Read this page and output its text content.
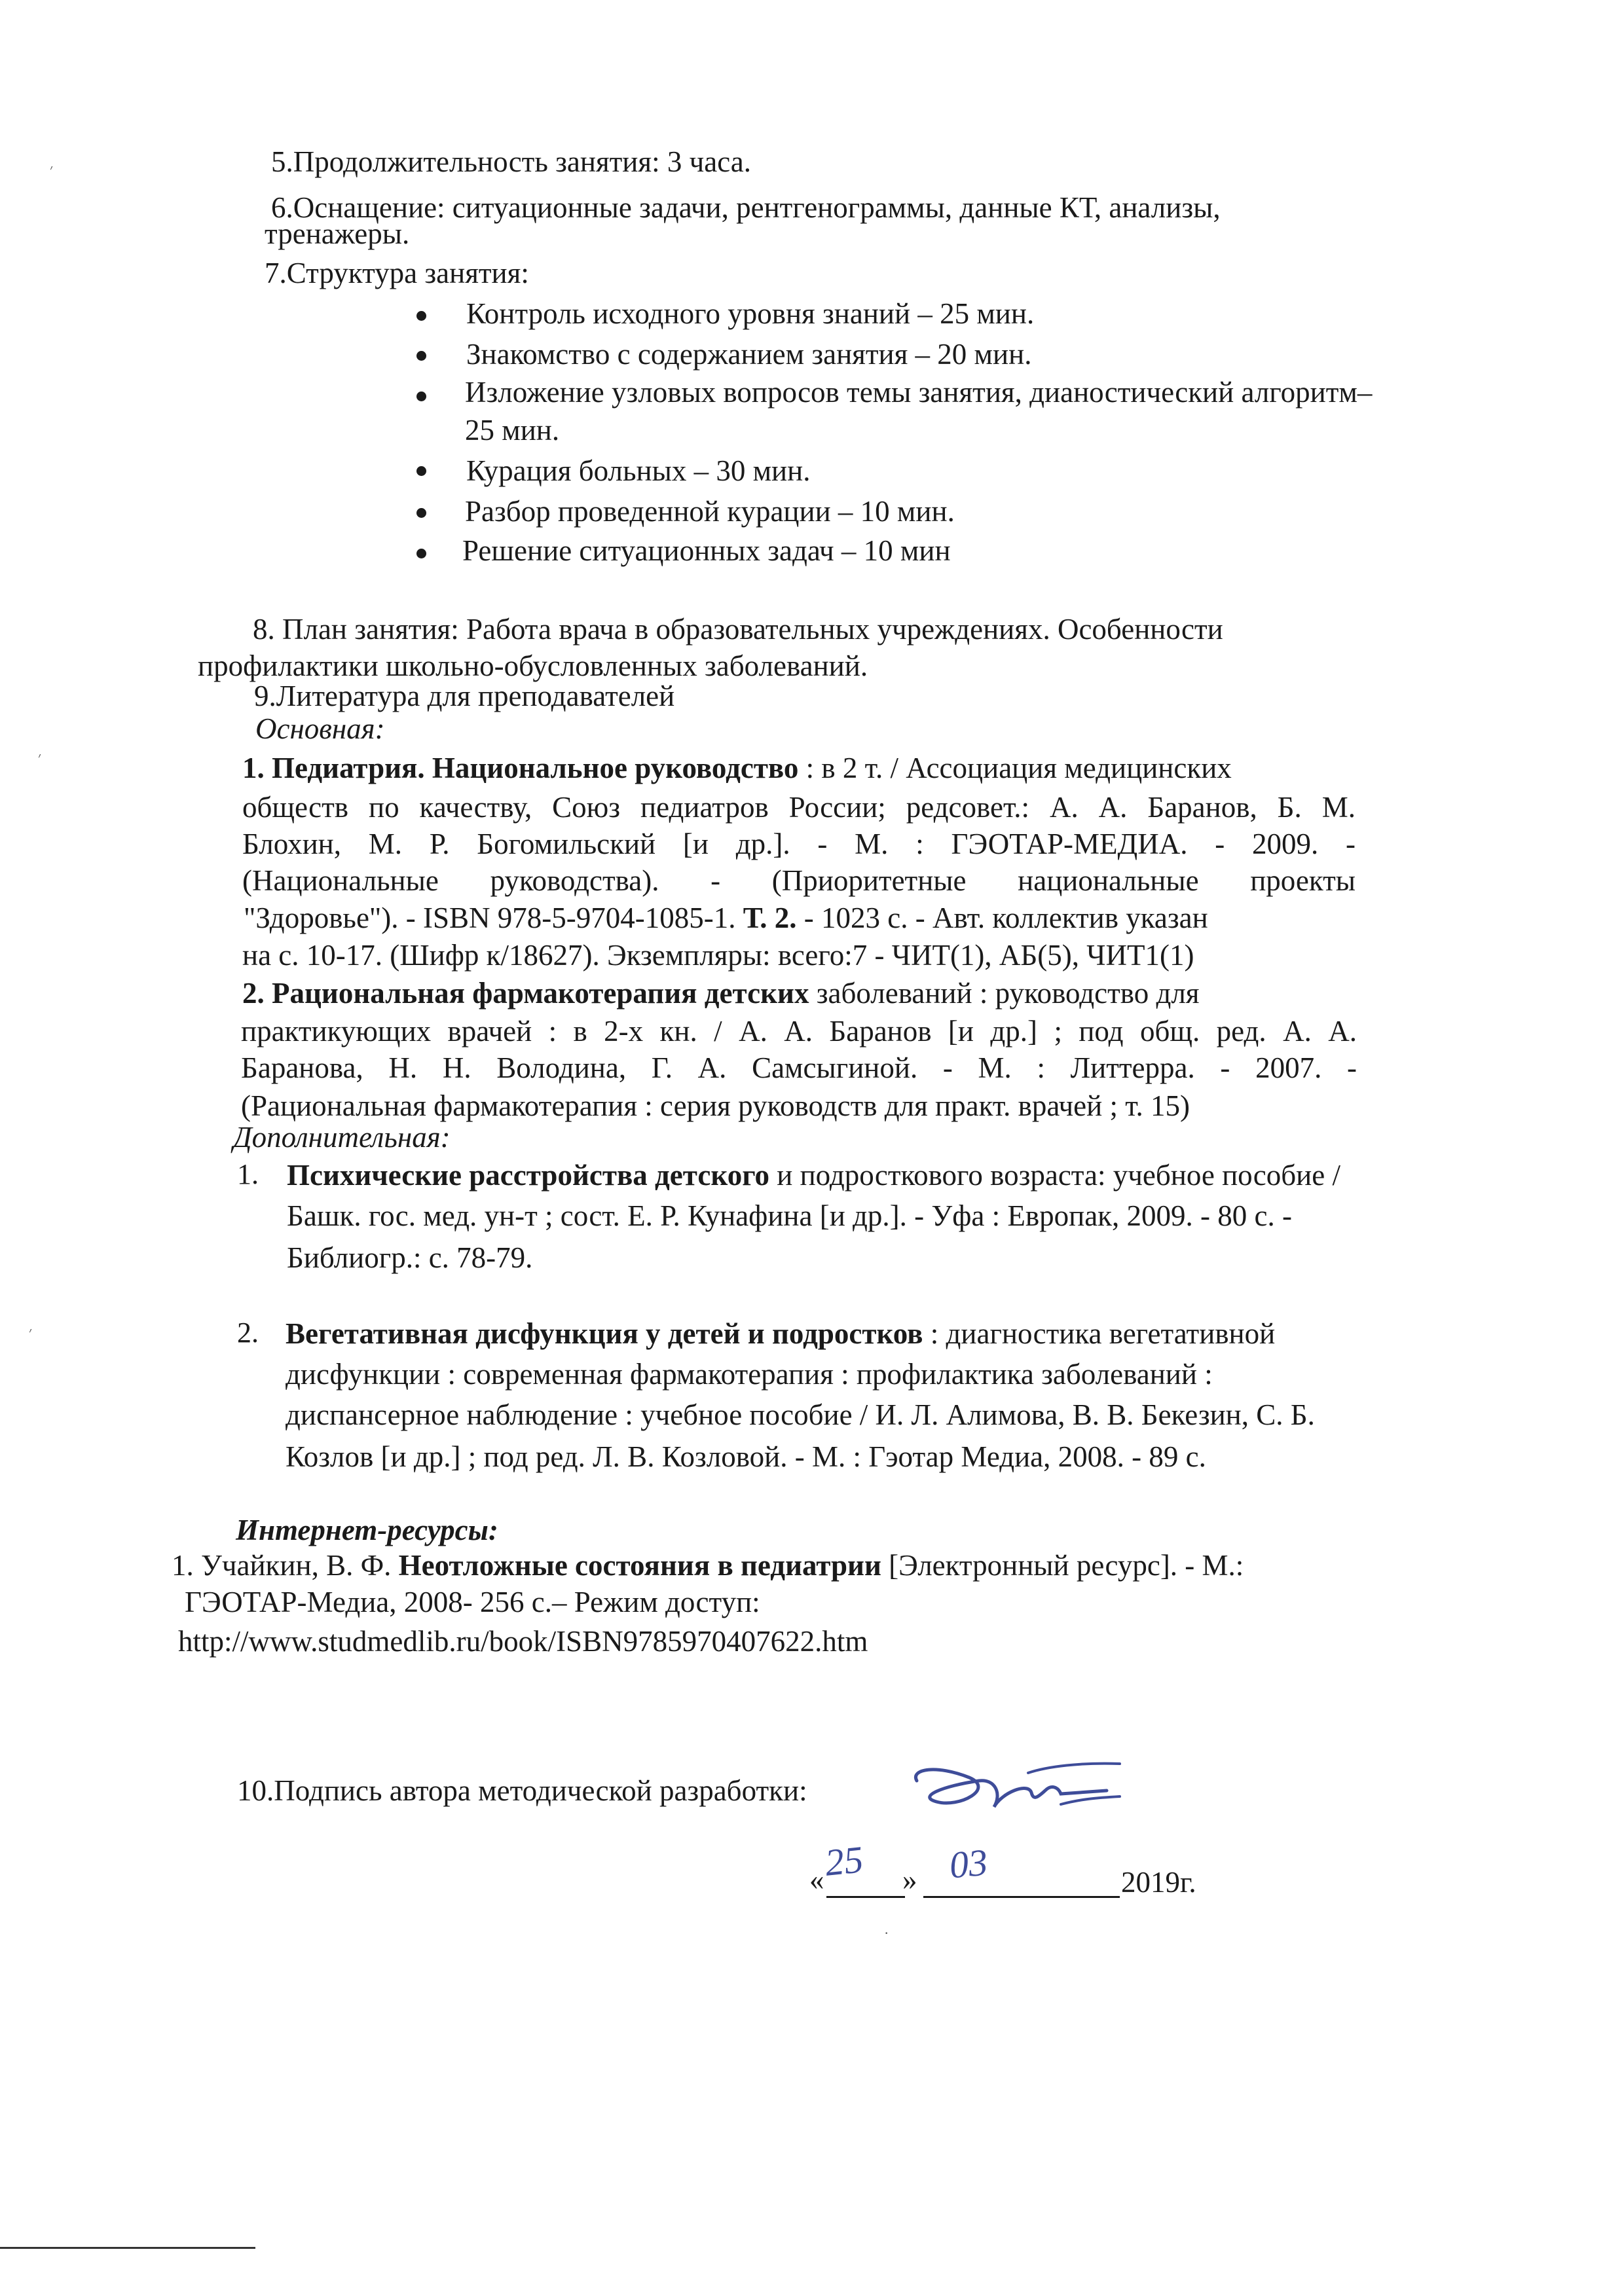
׳
׳
׳
5.Продолжительность занятия: 3 часа.
6.Оснащение: ситуационные задачи, рентгенограммы, данные КТ, анализы,
тренажеры.
7.Структура занятия:
Контроль исходного уровня знаний – 25 мин.
Знакомство с содержанием занятия – 20 мин.
Изложение узловых вопросов темы занятия, дианостический алгоритм–
25 мин.
Курация больных – 30 мин.
Разбор проведенной курации – 10 мин.
Решение ситуационных задач – 10 мин
8. План занятия: Работа врача в образовательных учреждениях. Особенности
профилактики школьно-обусловленных заболеваний.
9.Литература для преподавателей
Основная:
1. Педиатрия. Национальное руководство : в 2 т. / Ассоциация медицинских
обществ по качеству, Союз педиатров России; редсовет.: А. А. Баранов, Б. М.
Блохин, М. Р. Богомильский [и др.]. - М. : ГЭОТАР-МЕДИА. - 2009. -
(Национальные руководства). - (Приоритетные национальные проекты
"Здоровье"). - ISBN 978-5-9704-1085-1. Т. 2. - 1023 с. - Авт. коллектив указан
на с. 10-17. (Шифр к/18627). Экземпляры: всего:7 - ЧИТ(1), АБ(5), ЧИТ1(1)
2. Рациональная фармакотерапия детских заболеваний : руководство для
практикующих врачей : в 2-х кн. / А. А. Баранов [и др.] ; под общ. ред. А. А.
Баранова, Н. Н. Володина, Г. А. Самсыгиной. - М. : Литтерра. - 2007. -
(Рациональная фармакотерапия : серия руководств для практ. врачей ; т. 15)
Дополнительная:
1. Психические расстройства детского и подросткового возраста: учебное пособие /
Башк. гос. мед. ун-т ; сост. Е. Р. Кунафина [и др.]. - Уфа : Европак, 2009. - 80 с. -
Библиогр.: с. 78-79.
2. Вегетативная дисфункция у детей и подростков : диагностика вегетативной
дисфункции : современная фармакотерапия : профилактика заболеваний :
диспансерное наблюдение : учебное пособие / И. Л. Алимова, В. В. Бекезин, С. Б.
Козлов [и др.] ; под ред. Л. В. Козловой. - М. : Гэотар Медиа, 2008. - 89 с.
Интернет-ресурсы:
1. Учайкин, В. Ф. Неотложные состояния в педиатрии [Электронный ресурс]. - М.:
ГЭОТАР-Медиа, 2008- 256 с.– Режим доступ:
http://www.studmedlib.ru/book/ISBN9785970407622.htm
10.Подпись автора методической разработки:
«
25 » 03	2019г.
·
